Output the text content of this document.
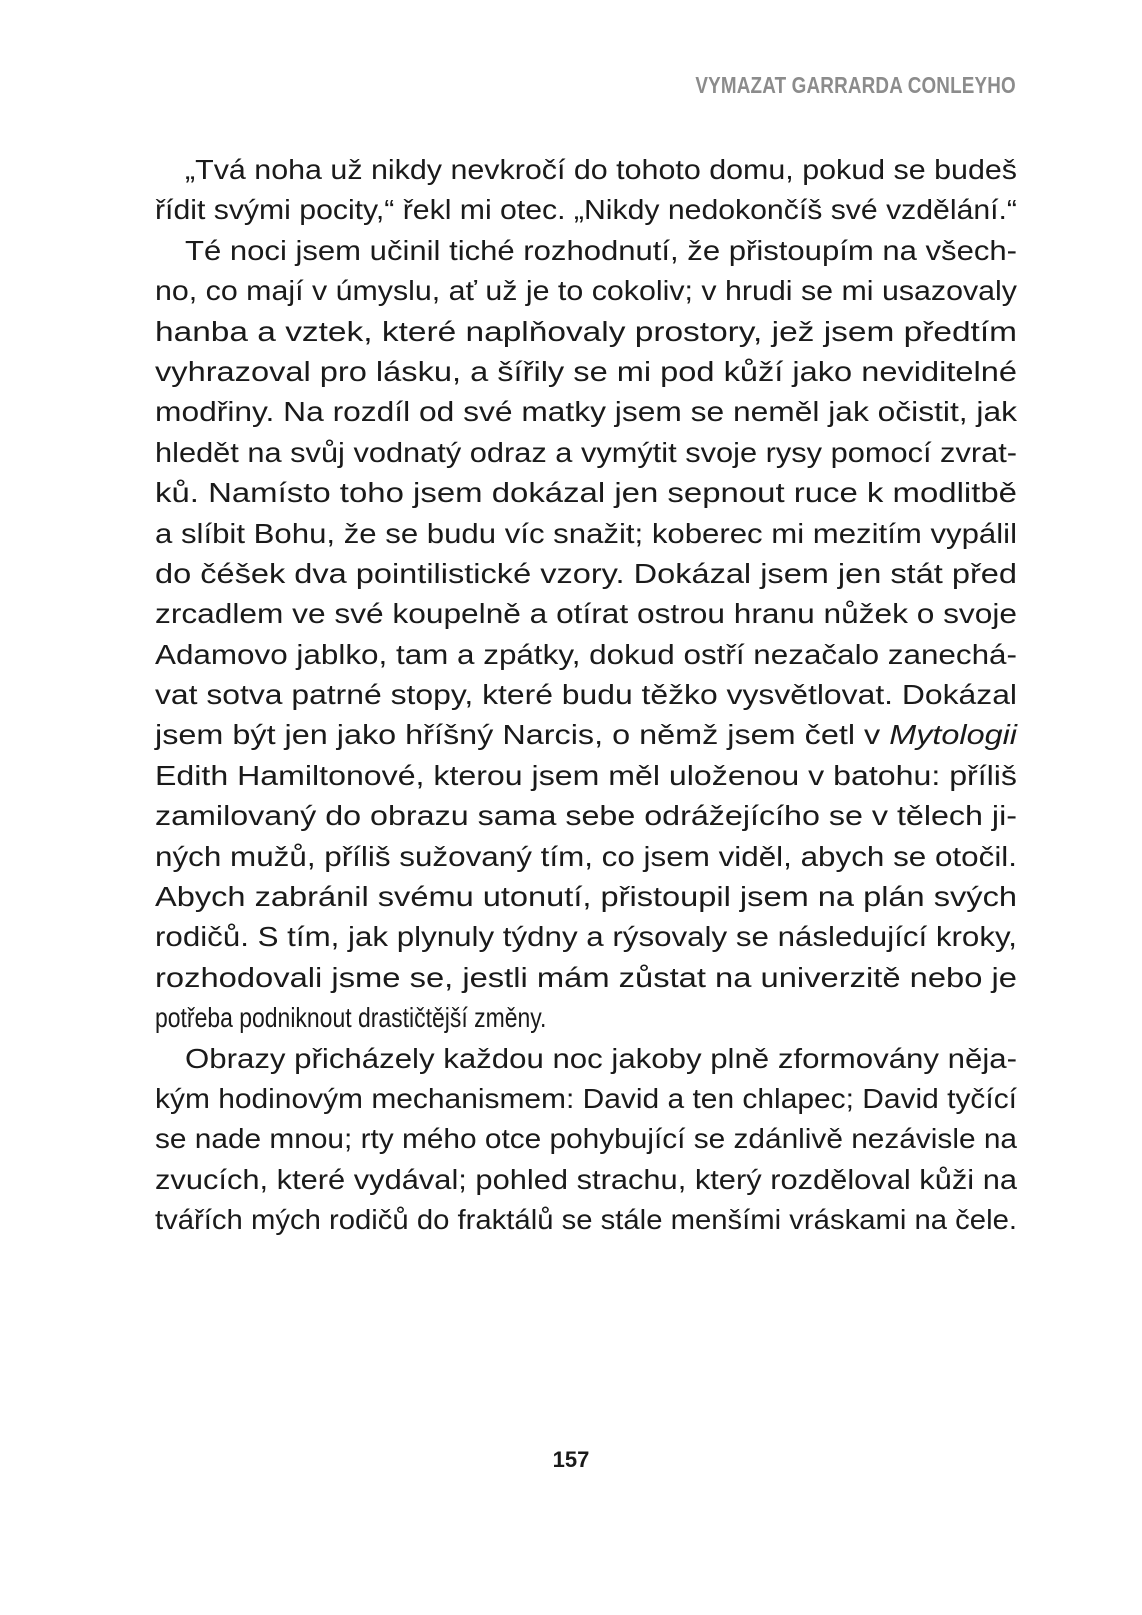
VYMAZAT GARRARDA CONLEYHO
„Tvá noha už nikdy nevkročí do tohoto domu, pokud se budeš
řídit svými pocity,“ řekl mi otec. „Nikdy nedokončíš své vzdělání.“
Té noci jsem učinil tiché rozhodnutí, že přistoupím na všech-
no, co mají v úmyslu, ať už je to cokoliv; v hrudi se mi usazovaly
hanba a vztek, které naplňovaly prostory, jež jsem předtím
vyhrazoval pro lásku, a šířily se mi pod kůží jako neviditelné
modřiny. Na rozdíl od své matky jsem se neměl jak očistit, jak
hledět na svůj vodnatý odraz a vymýtit svoje rysy pomocí zvrat-
ků. Namísto toho jsem dokázal jen sepnout ruce k modlitbě
a slíbit Bohu, že se budu víc snažit; koberec mi mezitím vypálil
do čéšek dva pointilistické vzory. Dokázal jsem jen stát před
zrcadlem ve své koupelně a otírat ostrou hranu nůžek o svoje
Adamovo jablko, tam a zpátky, dokud ostří nezačalo zanechá-
vat sotva patrné stopy, které budu těžko vysvětlovat. Dokázal
jsem být jen jako hříšný Narcis, o němž jsem četl v Mytologii
Edith Hamiltonové, kterou jsem měl uloženou v batohu: příliš
zamilovaný do obrazu sama sebe odrážejícího se v tělech ji-
ných mužů, příliš sužovaný tím, co jsem viděl, abych se otočil.
Abych zabránil svému utonutí, přistoupil jsem na plán svých
rodičů. S tím, jak plynuly týdny a rýsovaly se následující kroky,
rozhodovali jsme se, jestli mám zůstat na univerzitě nebo je
potřeba podniknout drastičtější změny.
Obrazy přicházely každou noc jakoby plně zformovány něja-
kým hodinovým mechanismem: David a ten chlapec; David tyčící
se nade mnou; rty mého otce pohybující se zdánlivě nezávisle na
zvucích, které vydával; pohled strachu, který rozděloval kůži na
tvářích mých rodičů do fraktálů se stále menšími vráskami na čele.
157
